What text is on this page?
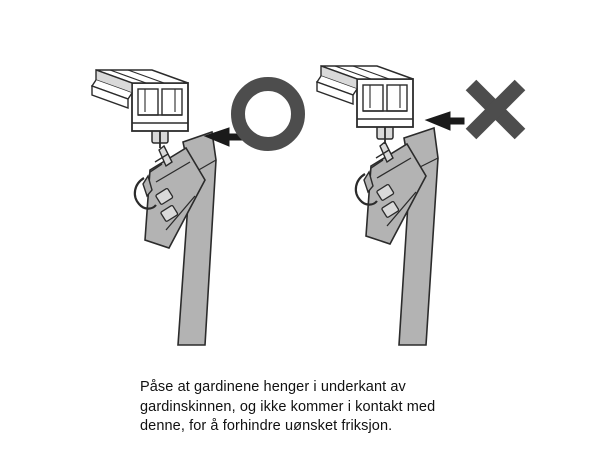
Påse at gardinene henger i underkant av
gardinskinnen, og ikke kommer i kontakt med
denne, for å forhindre uønsket friksjon.
